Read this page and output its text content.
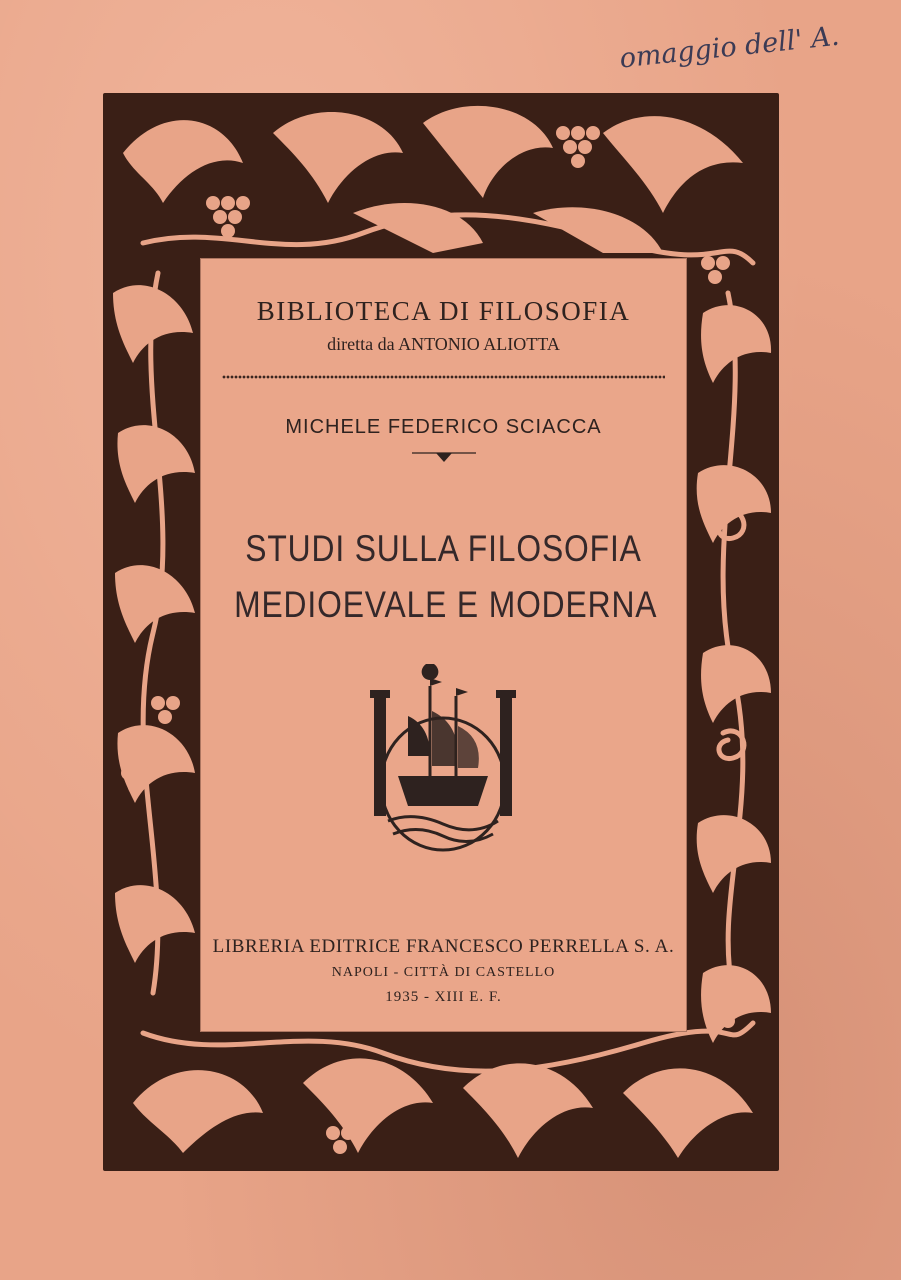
omaggio dell' A.
BIBLIOTECA DI FILOSOFIA
diretta da ANTONIO ALIOTTA
MICHELE FEDERICO SCIACCA
STUDI SULLA FILOSOFIA
MEDIOEVALE E MODERNA
LIBRERIA EDITRICE FRANCESCO PERRELLA S. A.
NAPOLI - CITTÀ DI CASTELLO
1935 - XIII E. F.
